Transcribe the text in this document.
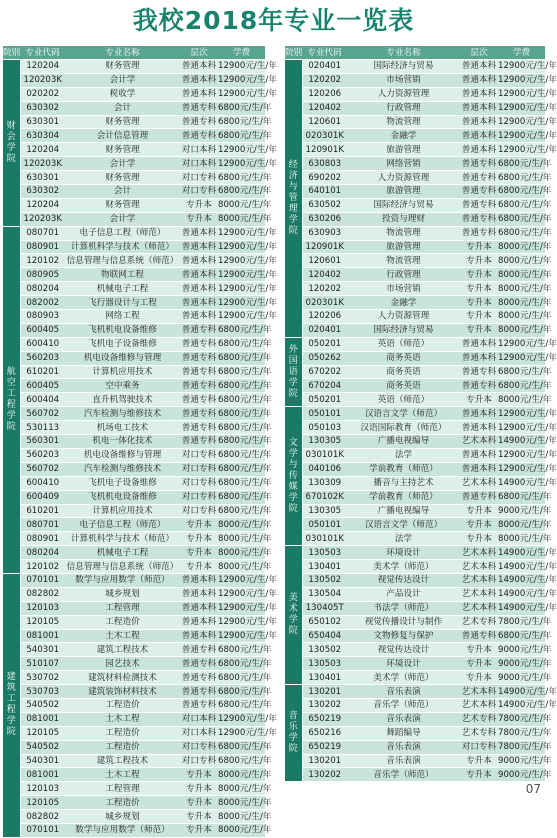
我校2018年专业一览表
院别	专业代码	专业名称	层次	学费
财会学院	120204	财务管理	普通本科	12900元/生/年
	120203K	会计学	普通本科	12900元/生/年
	020202	税收学	普通本科	12900元/生/年
	630302	会计	普通专科	6800元/生/年
	630301	财务管理	普通专科	6800元/生/年
	630304	会计信息管理	普通专科	6800元/生/年
	120204	财务管理	对口本科	12900元/生/年
	120203K	会计学	对口本科	12900元/生/年
	630301	财务管理	对口专科	6800元/生/年
	630302	会计	对口专科	6800元/生/年
	120204	财务管理	专升本	8000元/生/年
	120203K	会计学	专升本	8000元/生/年
航空工程学院	080701	电子信息工程（师范）	普通本科	12900元/生/年
	080901	计算机科学与技术（师范）	普通本科	12900元/生/年
	120102	信息管理与信息系统（师范）	普通本科	12900元/生/年
	080905	物联网工程	普通本科	12900元/生/年
	080204	机械电子工程	普通本科	12900元/生/年
	082002	飞行器设计与工程	普通本科	12900元/生/年
	080903	网络工程	普通本科	12900元/生/年
	600405	飞机机电设备维修	普通专科	6800元/生/年
	600410	飞机电子设备维修	普通专科	6800元/生/年
	560203	机电设备维修与管理	普通专科	6800元/生/年
	610201	计算机应用技术	普通专科	6800元/生/年
	600405	空中乘务	普通专科	6800元/生/年
	600404	直升机驾驶技术	普通专科	6800元/生/年
	560702	汽车检测与维修技术	普通专科	6800元/生/年
	530113	机场电工技术	普通专科	6800元/生/年
	560301	机电一体化技术	普通专科	6800元/生/年
	560203	机电设备维修与管理	对口专科	6800元/生/年
	560702	汽车检测与维修技术	对口专科	6800元/生/年
	600410	飞机电子设备维修	对口专科	6800元/生/年
	600409	飞机机电设备维修	对口专科	6800元/生/年
	610201	计算机应用技术	对口专科	6800元/生/年
	080701	电子信息工程（师范）	专升本	8000元/生/年
	080901	计算机科学与技术（师范）	专升本	8000元/生/年
	080204	机械电子工程	专升本	8000元/生/年
	120102	信息管理与信息系统（师范）	专升本	8000元/生/年
建筑工程学院	070101	数学与应用数学（师范）	普通本科	12900元/生/年
	082802	城乡规划	普通本科	12900元/生/年
	120103	工程管理	普通本科	12900元/生/年
	120105	工程造价	普通本科	12900元/生/年
	081001	土木工程	普通本科	12900元/生/年
	540301	建筑工程技术	普通专科	6800元/生/年
	510107	园艺技术	普通专科	6800元/生/年
	530702	建筑材料检测技术	普通专科	6800元/生/年
	530703	建筑装饰材料技术	普通专科	6800元/生/年
	540502	工程造价	普通专科	6800元/生/年
	081001	土木工程	对口本科	12900元/生/年
	120105	工程造价	对口本科	12900元/生/年
	540502	工程造价	对口专科	6800元/生/年
	540301	建筑工程技术	对口专科	6800元/生/年
	081001	土木工程	专升本	8000元/生/年
	120103	工程管理	专升本	8000元/生/年
	120105	工程造价	专升本	8000元/生/年
	082802	城乡规划	专升本	8000元/生/年
	070101	数学与应用数学（师范）	专升本	8000元/生/年
院别	专业代码	专业名称	层次	学费
经济与管理学院	020401	国际经济与贸易	普通本科	12900元/生/年
	120202	市场营销	普通本科	12900元/生/年
	120206	人力资源管理	普通本科	12900元/生/年
	120402	行政管理	普通本科	12900元/生/年
	120601	物流管理	普通本科	12900元/生/年
	020301K	金融学	普通本科	12900元/生/年
	120901K	旅游管理	普通本科	12900元/生/年
	630803	网络营销	普通专科	6800元/生/年
	690202	人力资源管理	普通专科	6800元/生/年
	640101	旅游管理	普通专科	6800元/生/年
	630502	国际经济与贸易	普通专科	6800元/生/年
	630206	投资与理财	普通专科	6800元/生/年
	630903	物流管理	普通专科	6800元/生/年
	120901K	旅游管理	专升本	8000元/生/年
	120601	物流管理	专升本	8000元/生/年
	120402	行政管理	专升本	8000元/生/年
	120202	市场营销	专升本	8000元/生/年
	020301K	金融学	专升本	8000元/生/年
	120206	人力资源管理	专升本	8000元/生/年
	020401	国际经济与贸易	专升本	8000元/生/年
外国语学院	050201	英语（师范）	普通本科	12900元/生/年
	050262	商务英语	普通本科	12900元/生/年
	670202	商务英语	普通专科	6800元/生/年
	670204	商务英语	普通专科	6800元/生/年
	050201	英语（师范）	专升本	8000元/生/年
文学与传媒学院	050101	汉语言文学（师范）	普通本科	12900元/生/年
	050103	汉语国际教育（师范）	普通本科	12900元/生/年
	130305	广播电视编导	艺术本科	14900元/生/年
	030101K	法学	普通本科	12900元/生/年
	040106	学前教育（师范）	普通本科	12900元/生/年
	130309	播音与主持艺术	艺术本科	14900元/生/年
	670102K	学前教育（师范）	普通专科	6800元/生/年
	130305	广播电视编导	专升本	9000元/生/年
	050101	汉语言文学（师范）	专升本	8000元/生/年
	030101K	法学	专升本	8000元/生/年
美术学院	130503	环境设计	艺术本科	14900元/生/年
	130401	美术学（师范）	艺术本科	14900元/生/年
	130502	视觉传达设计	艺术本科	14900元/生/年
	130504	产品设计	艺术本科	14900元/生/年
	130405T	书法学（师范）	艺术本科	14900元/生/年
	650102	视觉传播设计与制作	艺术专科	7800元/生/年
	650404	文物修复与保护	普通专科	6800元/生/年
	130502	视觉传达设计	专升本	9000元/生/年
	130503	环境设计	专升本	9000元/生/年
	130401	美术学（师范）	专升本	9000元/生/年
音乐学院	130201	音乐表演	艺术本科	14900元/生/年
	130202	音乐学（师范）	艺术本科	14900元/生/年
	650219	音乐表演	艺术专科	7800元/生/年
	650216	舞蹈编导	艺术专科	7800元/生/年
	650219	音乐表演	对口专科	7800元/生/年
	130201	音乐表演	专升本	9000元/生/年
	130202	音乐学（师范）	专升本	9000元/生/年
07
